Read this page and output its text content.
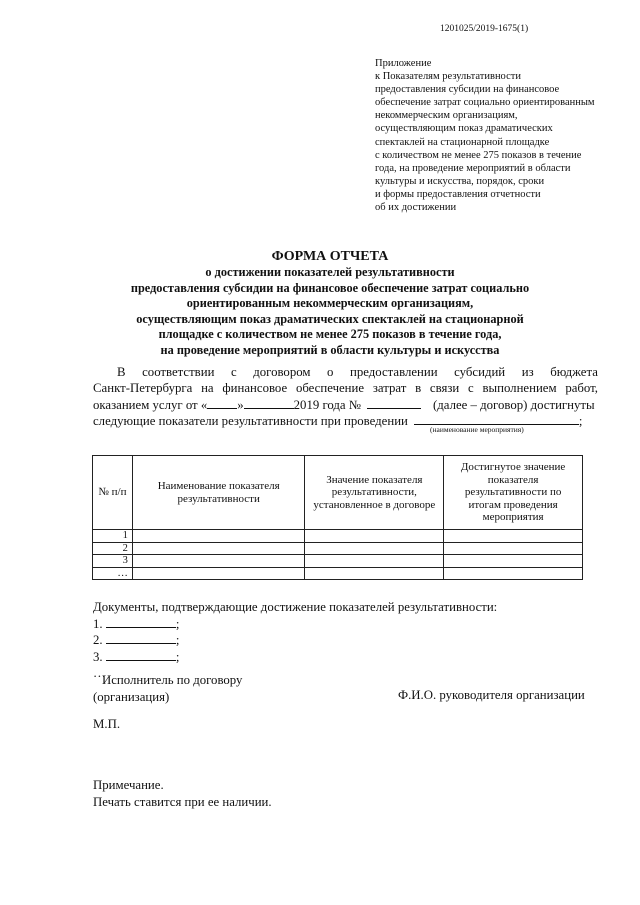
1201025/2019-1675(1)
Приложение
к Показателям результативности
предоставления субсидии на финансовое
обеспечение затрат социально ориентированным
некоммерческим организациям,
осуществляющим показ драматических
спектаклей на стационарной площадке
с количеством не менее 275 показов в течение
года, на проведение мероприятий в области
культуры и искусства, порядок, сроки
и формы предоставления отчетности
об их достижении
ФОРМА ОТЧЕТА
о достижении показателей результативности
предоставления субсидии на финансовое обеспечение затрат социально
ориентированным некоммерческим организациям,
осуществляющим показ драматических спектаклей на стационарной
площадке с количеством не менее 275 показов в течение года,
на проведение мероприятий в области культуры и искусства
В соответствии с договором о предоставлении субсидий из бюджета
Санкт-Петербурга на финансовое обеспечение затрат в связи с выполнением работ,
оказанием услуг от « »	2019 года №	(далее – договор) достигнуты
следующие показатели результативности при проведении	;
(наименование мероприятия)
№ п/п	Наименование показателя результативности	Значение показателя результативности, установленное в договоре	Достигнутое значение показателя результативности по итогам проведения мероприятия
1			
2			
3			
…			
Документы, подтверждающие достижение показателей результативности:
1.	;
2.	;
3.	;
…
Исполнитель по договору
(организация)	Ф.И.О. руководителя организации
М.П.
Примечание.
Печать ставится при ее наличии.
